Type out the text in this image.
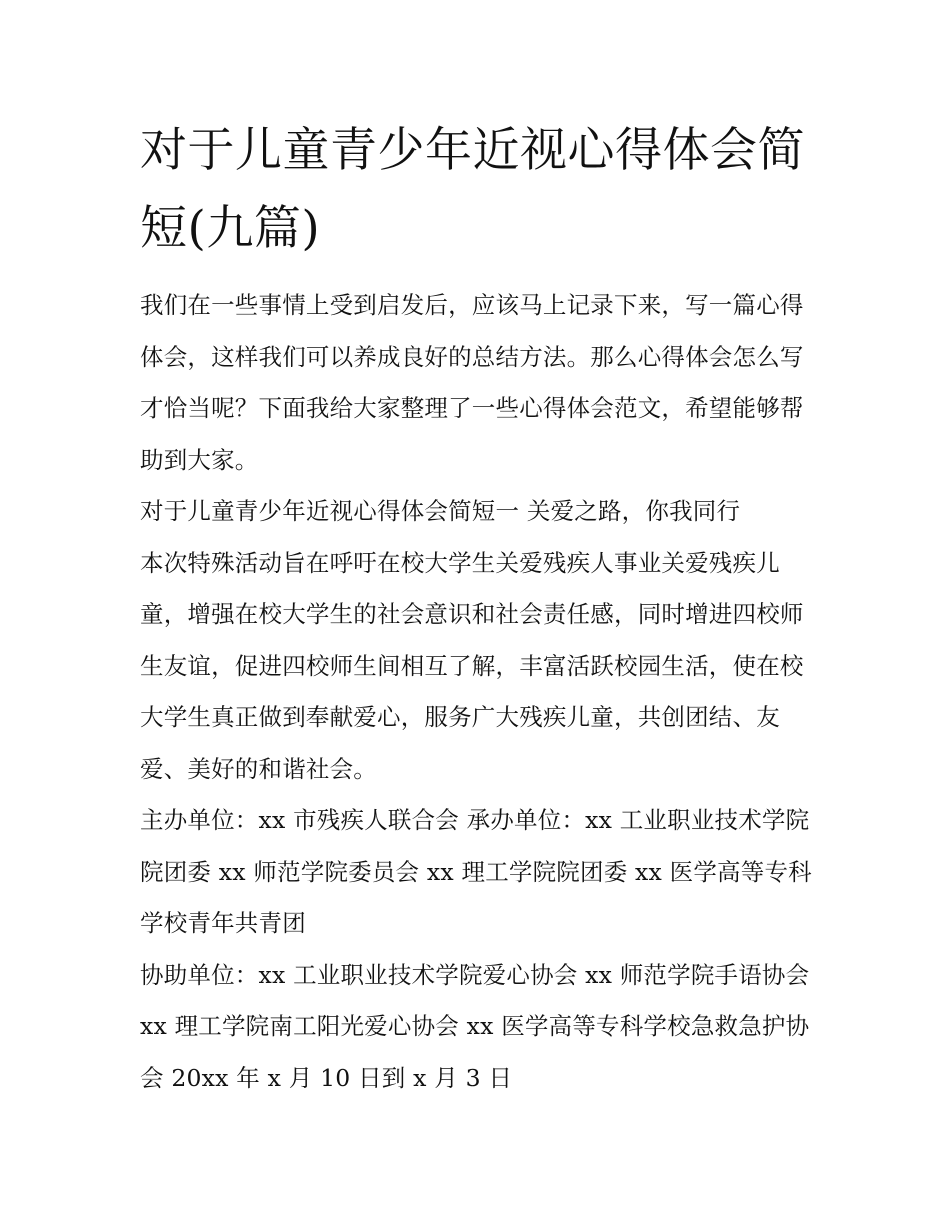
对于儿童青少年近视心得体会简短(九篇)

我们在一些事情上受到启发后，应该马上记录下来，写一篇心得体会，这样我们可以养成良好的总结方法。那么心得体会怎么写才恰当呢？下面我给大家整理了一些心得体会范文，希望能够帮助到大家。

对于儿童青少年近视心得体会简短一 关爱之路，你我同行

本次特殊活动旨在呼吁在校大学生关爱残疾人事业关爱残疾儿童，增强在校大学生的社会意识和社会责任感，同时增进四校师生友谊，促进四校师生间相互了解，丰富活跃校园生活，使在校大学生真正做到奉献爱心，服务广大残疾儿童，共创团结、友爱、美好的和谐社会。

主办单位：xx 市残疾人联合会 承办单位：xx 工业职业技术学院院团委 xx 师范学院委员会 xx 理工学院院团委 xx 医学高等专科学校青年共青团

协助单位：xx 工业职业技术学院爱心协会 xx 师范学院手语协会 xx 理工学院南工阳光爱心协会 xx 医学高等专科学校急救急护协会 20xx 年 x 月 10 日到 x 月 3 日
